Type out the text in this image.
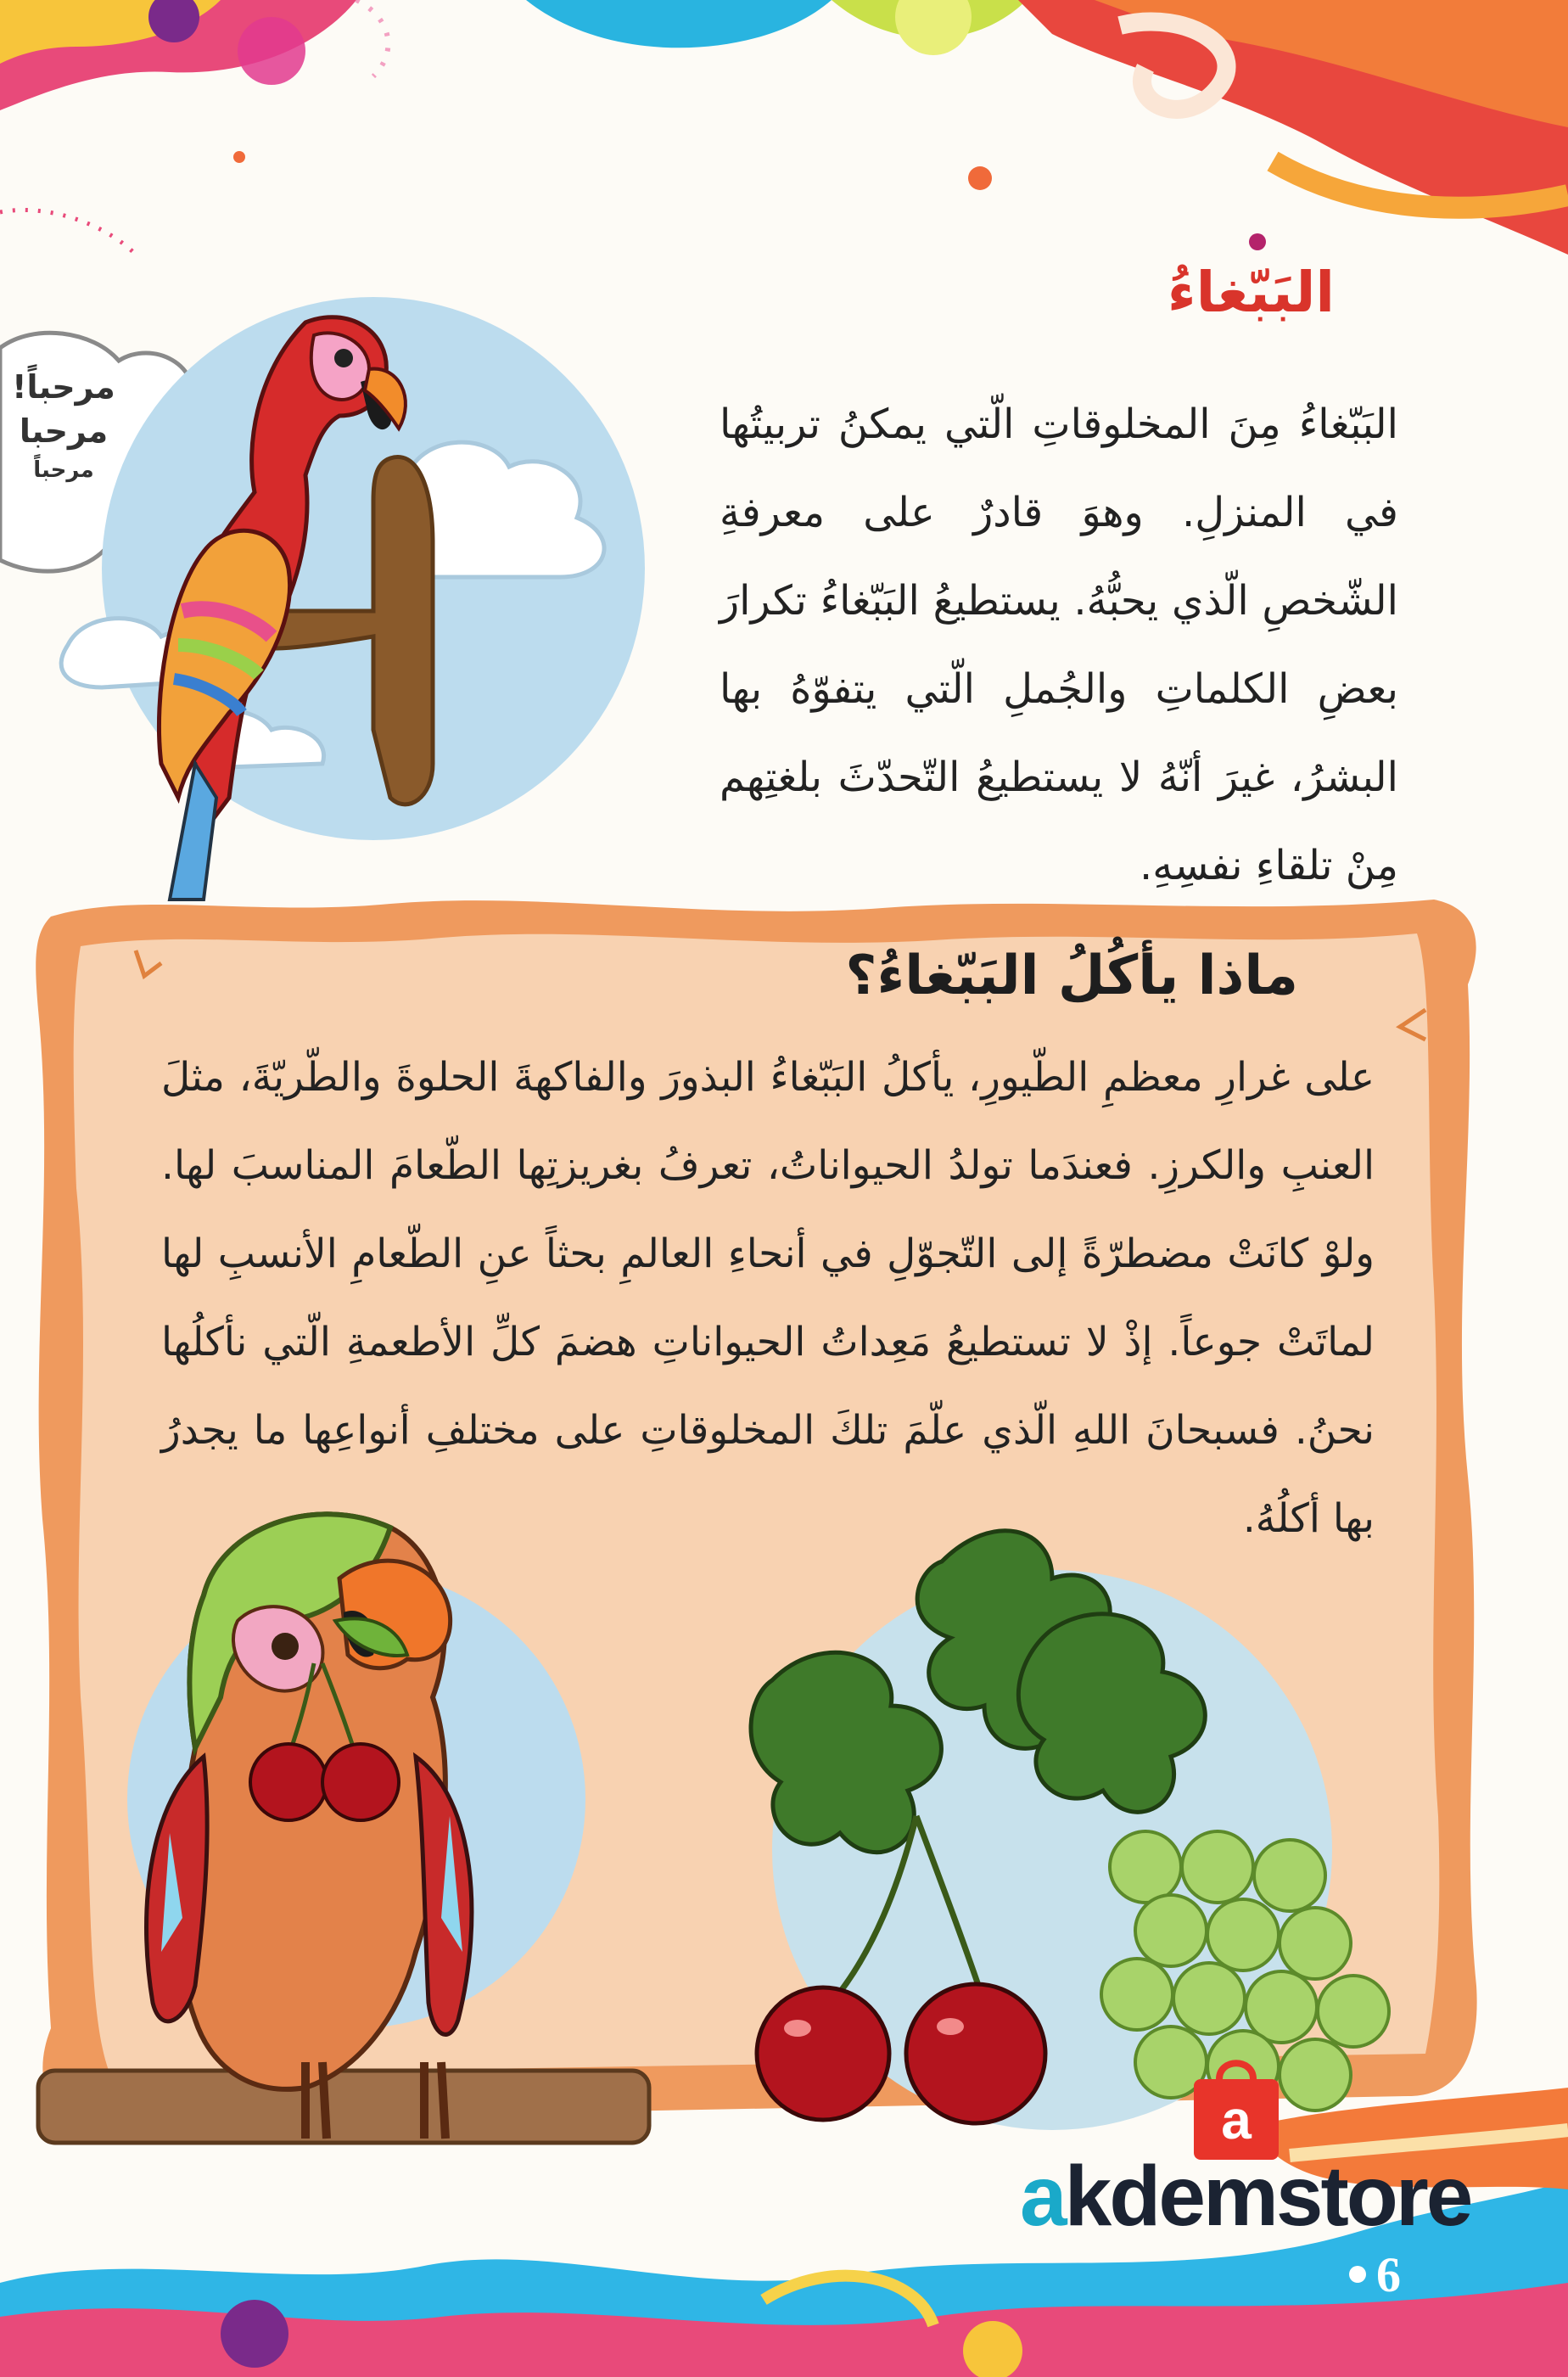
البَبّغاءُ
البَبّغاءُ مِنَ المخلوقاتِ الّتي يمكنُ تربيتُها في المنزلِ. وهوَ قادرٌ على معرفةِ الشّخصِ الّذي يحبُّهُ. يستطيعُ البَبّغاءُ تكرارَ بعضِ الكلماتِ والجُملِ الّتي يتفوّهُ بها البشرُ، غيرَ أنّهُ لا يستطيعُ التّحدّثَ بلغتِهم مِنْ تلقاءِ نفسِهِ.
مرحباً!
مرحبا
مرحباً
ماذا يأكُلُ البَبّغاءُ؟
على غرارِ معظمِ الطّيورِ، يأكلُ البَبّغاءُ البذورَ والفاكهةَ الحلوةَ والطّريّةَ، مثلَ العنبِ والكرزِ. فعندَما تولدُ الحيواناتُ، تعرفُ بغريزتِها الطّعامَ المناسبَ لها. ولوْ كانَتْ مضطرّةً إلى التّجوّلِ في أنحاءِ العالمِ بحثاً عنِ الطّعامِ الأنسبِ لها لماتَتْ جوعاً. إذْ لا تستطيعُ مَعِداتُ الحيواناتِ هضمَ كلِّ الأطعمةِ الّتي نأكلُها نحنُ. فسبحانَ اللهِ الّذي علّمَ تلكَ المخلوقاتِ على مختلفِ أنواعِها ما يجدرُ بها أكلُهُ.
a
akdemstore
6
